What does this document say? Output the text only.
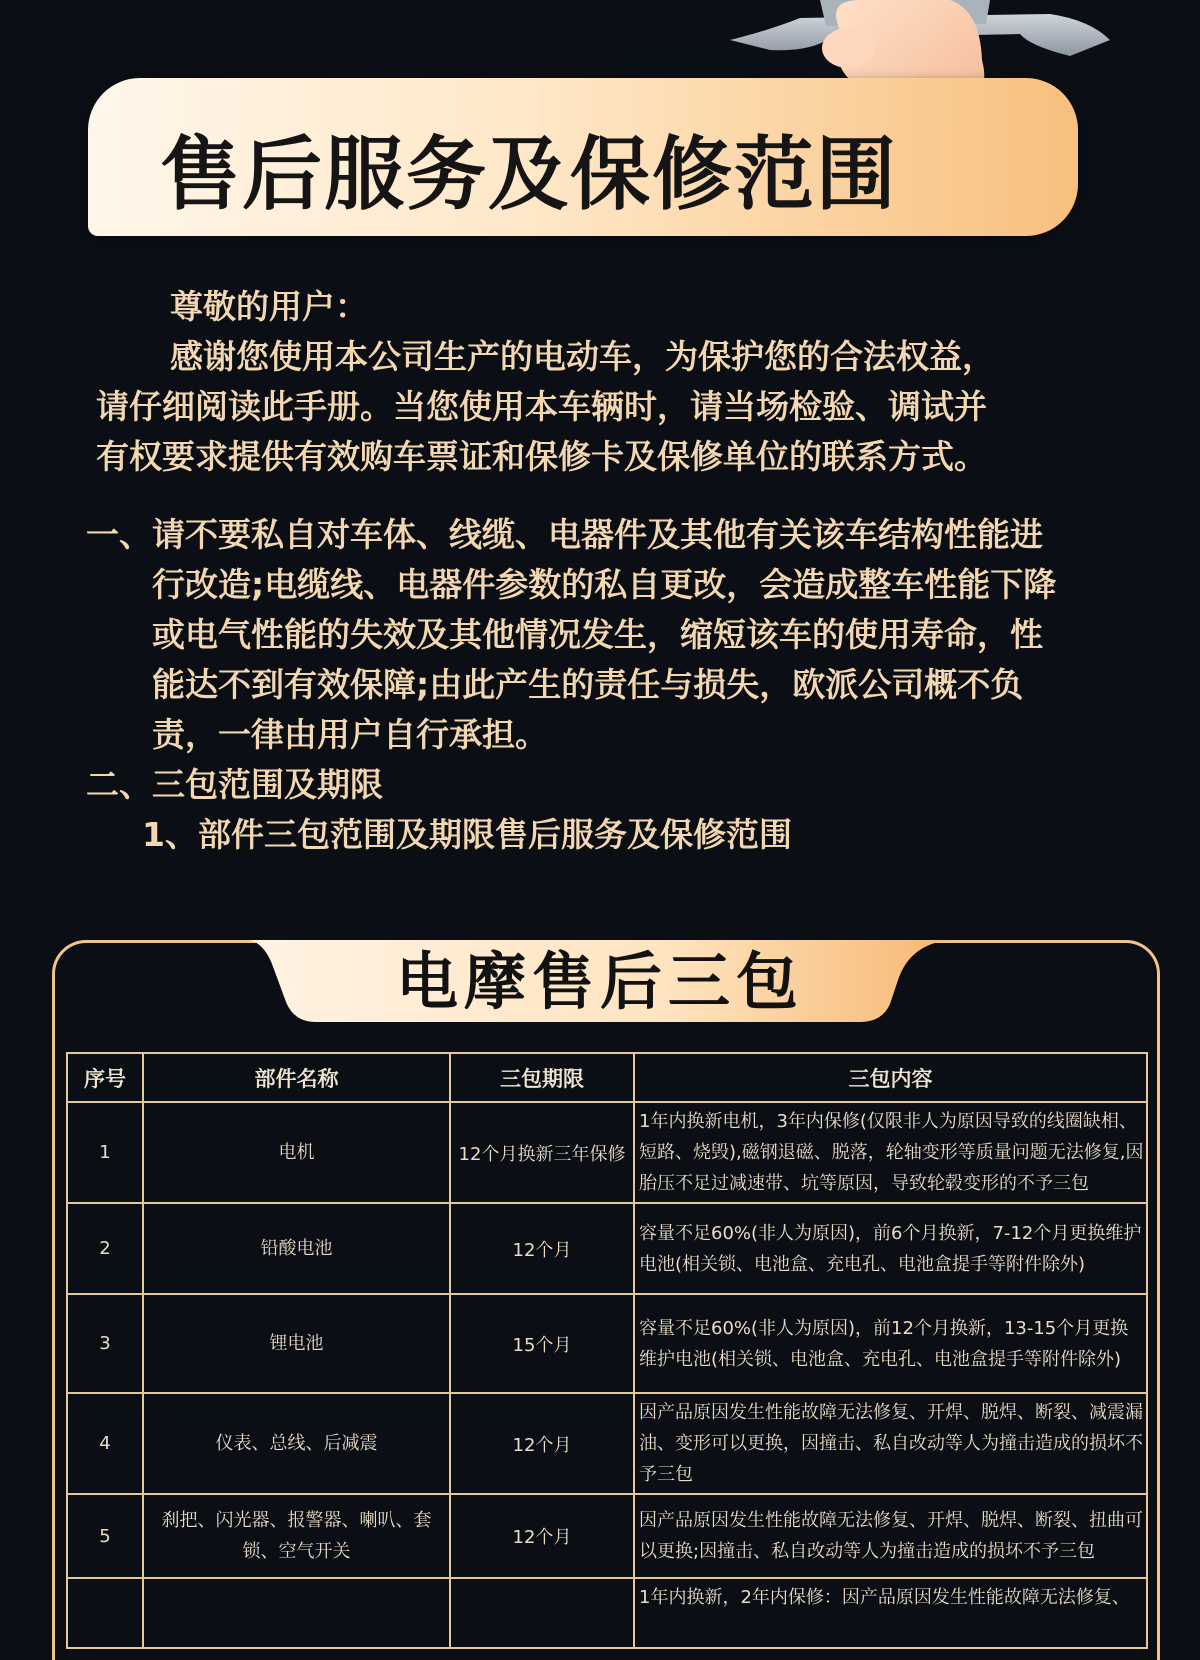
售后服务及保修范围

尊敬的用户：

感谢您使用本公司生产的电动车，为保护您的合法权益，

请仔细阅读此手册。当您使用本车辆时，请当场检验、调试并

有权要求提供有效购车票证和保修卡及保修单位的联系方式。

一、 请不要私自对车体、线缆、电器件及其他有关该车结构性能进

行改造;电缆线、电器件参数的私自更改，会造成整车性能下降

或电气性能的失效及其他情况发生，缩短该车的使用寿命，性

能达不到有效保障;由此产生的责任与损失，欧派公司概不负

责，一律由用户自行承担。

二、 三包范围及期限
1、部件三包范围及期限售后服务及保修范围
电摩售后三包
序号	部件名称	三包期限	三包内容
1	电机	12个月换新三年保修	1年内换新电机，3年内保修(仅限非人为原因导致的线圈缺相、短路、烧毁),磁钢退磁、脱落，轮轴变形等质量问题无法修复,因胎压不足过减速带、坑等原因，导致轮毂变形的不予三包
2	铅酸电池	12个月	容量不足60%(非人为原因)，前6个月换新，7-12个月更换维护电池(相关锁、电池盒、充电孔、电池盒提手等附件除外)
3	锂电池	15个月	容量不足60%(非人为原因)，前12个月换新，13-15个月更换维护电池(相关锁、电池盒、充电孔、电池盒提手等附件除外)
4	仪表、总线、后减震	12个月	因产品原因发生性能故障无法修复、开焊、脱焊、断裂、减震漏油、变形可以更换，因撞击、私自改动等人为撞击造成的损坏不予三包
5	刹把、闪光器、报警器、喇叭、套锁、空气开关	12个月	因产品原因发生性能故障无法修复、开焊、脱焊、断裂、扭曲可以更换;因撞击、私自改动等人为撞击造成的损坏不予三包
			1年内换新，2年内保修：因产品原因发生性能故障无法修复、
